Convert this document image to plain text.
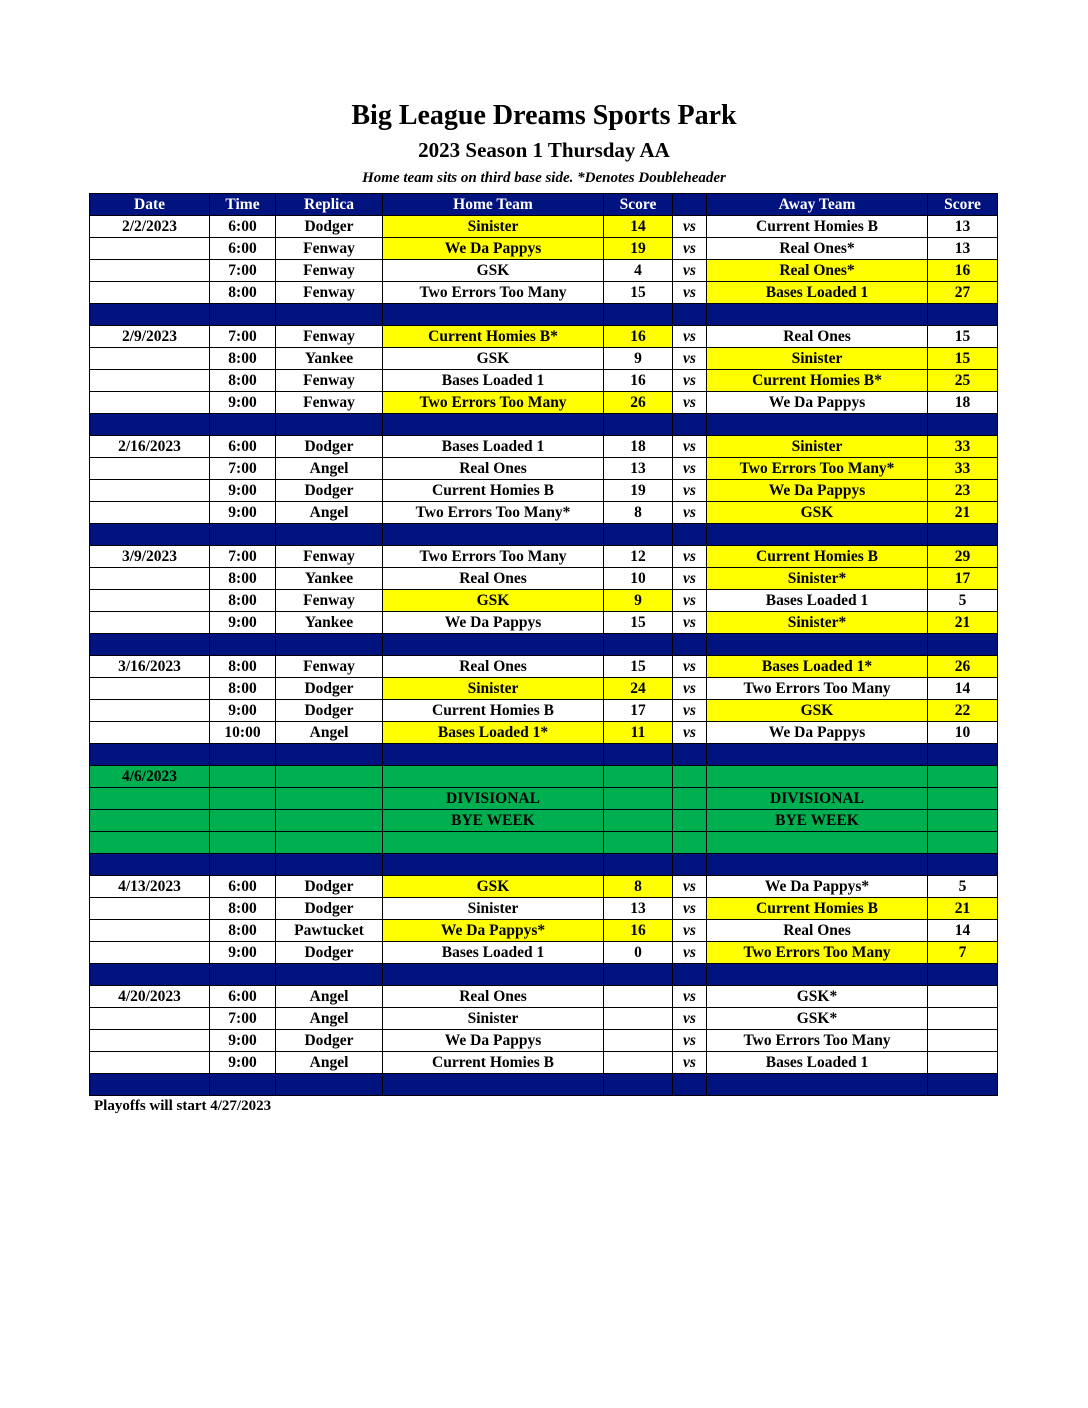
Big League Dreams Sports Park
2023 Season 1 Thursday AA
Home team sits on third base side. *Denotes Doubleheader
Date	Time	Replica	Home Team	Score		Away Team	Score
2/2/2023	6:00	Dodger	Sinister	14	vs	Current Homies B	13
	6:00	Fenway	We Da Pappys	19	vs	Real Ones*	13
	7:00	Fenway	GSK	4	vs	Real Ones*	16
	8:00	Fenway	Two Errors Too Many	15	vs	Bases Loaded 1	27

2/9/2023	7:00	Fenway	Current Homies B*	16	vs	Real Ones	15
	8:00	Yankee	GSK	9	vs	Sinister	15
	8:00	Fenway	Bases Loaded 1	16	vs	Current Homies B*	25
	9:00	Fenway	Two Errors Too Many	26	vs	We Da Pappys	18

2/16/2023	6:00	Dodger	Bases Loaded 1	18	vs	Sinister	33
	7:00	Angel	Real Ones	13	vs	Two Errors Too Many*	33
	9:00	Dodger	Current Homies B	19	vs	We Da Pappys	23
	9:00	Angel	Two Errors Too Many*	8	vs	GSK	21

3/9/2023	7:00	Fenway	Two Errors Too Many	12	vs	Current Homies B	29
	8:00	Yankee	Real Ones	10	vs	Sinister*	17
	8:00	Fenway	GSK	9	vs	Bases Loaded 1	5
	9:00	Yankee	We Da Pappys	15	vs	Sinister*	21

3/16/2023	8:00	Fenway	Real Ones	15	vs	Bases Loaded 1*	26
	8:00	Dodger	Sinister	24	vs	Two Errors Too Many	14
	9:00	Dodger	Current Homies B	17	vs	GSK	22
	10:00	Angel	Bases Loaded 1*	11	vs	We Da Pappys	10

4/6/2023							
			DIVISIONAL			DIVISIONAL	
			BYE WEEK			BYE WEEK	

4/13/2023	6:00	Dodger	GSK	8	vs	We Da Pappys*	5
	8:00	Dodger	Sinister	13	vs	Current Homies B	21
	8:00	Pawtucket	We Da Pappys*	16	vs	Real Ones	14
	9:00	Dodger	Bases Loaded 1	0	vs	Two Errors Too Many	7

4/20/2023	6:00	Angel	Real Ones		vs	GSK*	
	7:00	Angel	Sinister		vs	GSK*	
	9:00	Dodger	We Da Pappys		vs	Two Errors Too Many	
	9:00	Angel	Current Homies B		vs	Bases Loaded 1	

Playoffs will start 4/27/2023
